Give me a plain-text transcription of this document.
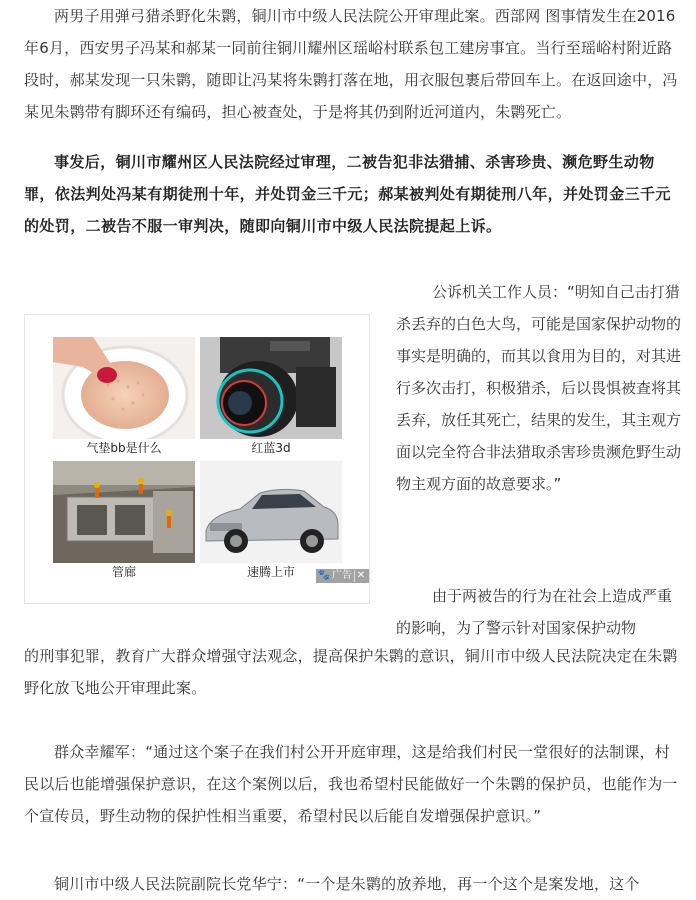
两男子用弹弓猎杀野化朱鹮，铜川市中级人民法院公开审理此案。西部网 图事情发生在2016年6月，西安男子冯某和郝某一同前往铜川耀州区瑶峪村联系包工建房事宜。当行至瑶峪村附近路段时，郝某发现一只朱鹮，随即让冯某将朱鹮打落在地，用衣服包裹后带回车上。在返回途中，冯某见朱鹮带有脚环还有编码，担心被查处，于是将其仍到附近河道内，朱鹮死亡。

事发后，铜川市耀州区人民法院经过审理，二被告犯非法猎捕、杀害珍贵、濒危野生动物罪，依法判处冯某有期徒刑十年，并处罚金三千元；郝某被判处有期徒刑八年，并处罚金三千元的处罚，二被告不服一审判决，随即向铜川市中级人民法院提起上诉。

气垫bb是什么	红蓝3d
管廊	速腾上市	🐾 广告 ✕

公诉机关工作人员：“明知自己击打猎杀丢弃的白色大鸟，可能是国家保护动物的事实是明确的，而其以食用为目的，对其进行多次击打，积极猎杀，后以畏惧被查将其丢弃，放任其死亡，结果的发生，其主观方面以完全符合非法猎取杀害珍贵濒危野生动物主观方面的故意要求。”

由于两被告的行为在社会上造成严重的影响，为了警示针对国家保护动物

的刑事犯罪，教育广大群众增强守法观念，提高保护朱鹮的意识，铜川市中级人民法院决定在朱鹮野化放飞地公开审理此案。

群众幸耀军：“通过这个案子在我们村公开开庭审理，这是给我们村民一堂很好的法制课，村民以后也能增强保护意识，在这个案例以后，我也希望村民能做好一个朱鹮的保护员，也能作为一个宣传员，野生动物的保护性相当重要，希望村民以后能自发增强保护意识。”

铜川市中级人民法院副院长党华宁：“一个是朱鹮的放养地，再一个这个是案发地，这个
